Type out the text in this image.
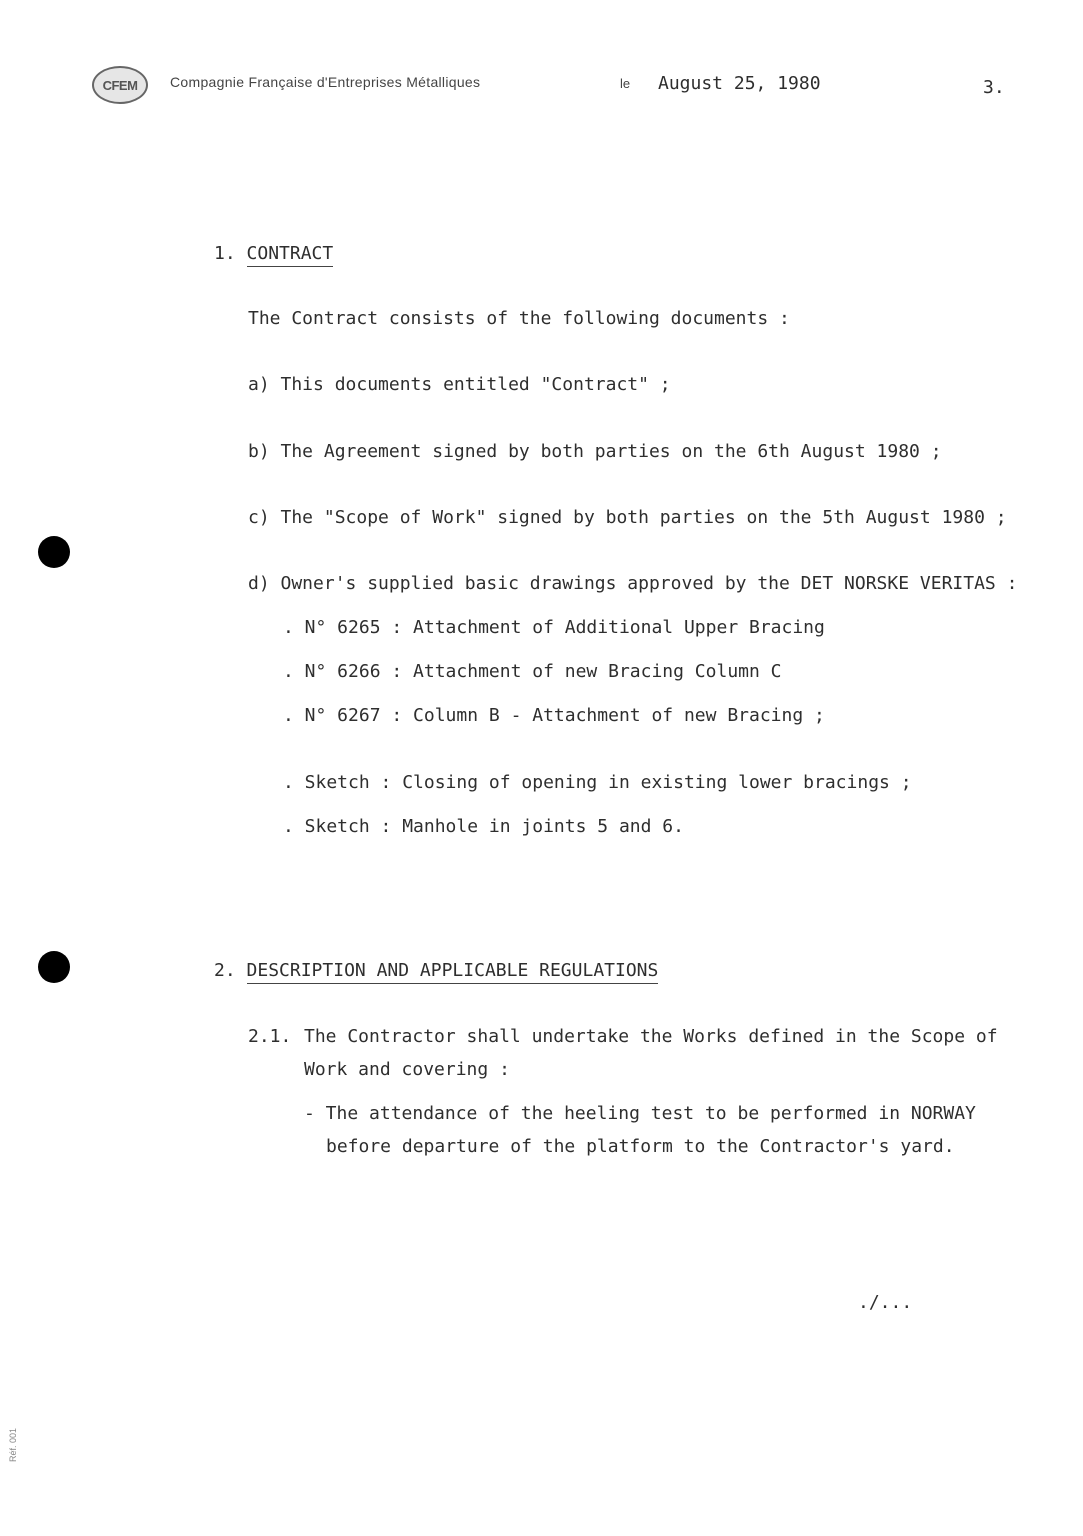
CFEM	Compagnie Française d'Entreprises Métalliques	le August 25, 1980	3.
1. CONTRACT
The Contract consists of the following documents :
a) This documents entitled "Contract" ;
b) The Agreement signed by both parties on the 6th August 1980 ;
c) The "Scope of Work" signed by both parties on the 5th August 1980 ;
d) Owner's supplied basic drawings approved by the DET NORSKE VERITAS :
. N° 6265 : Attachment of Additional Upper Bracing
. N° 6266 : Attachment of new Bracing Column C
. N° 6267 : Column B - Attachment of new Bracing ;
. Sketch : Closing of opening in existing lower bracings ;
. Sketch : Manhole in joints 5 and 6.
2. DESCRIPTION AND APPLICABLE REGULATIONS
2.1. The Contractor shall undertake the Works defined in the Scope of
Work and covering :
- The attendance of the heeling test to be performed in NORWAY
before departure of the platform to the Contractor's yard.
./...
Réf. 001
